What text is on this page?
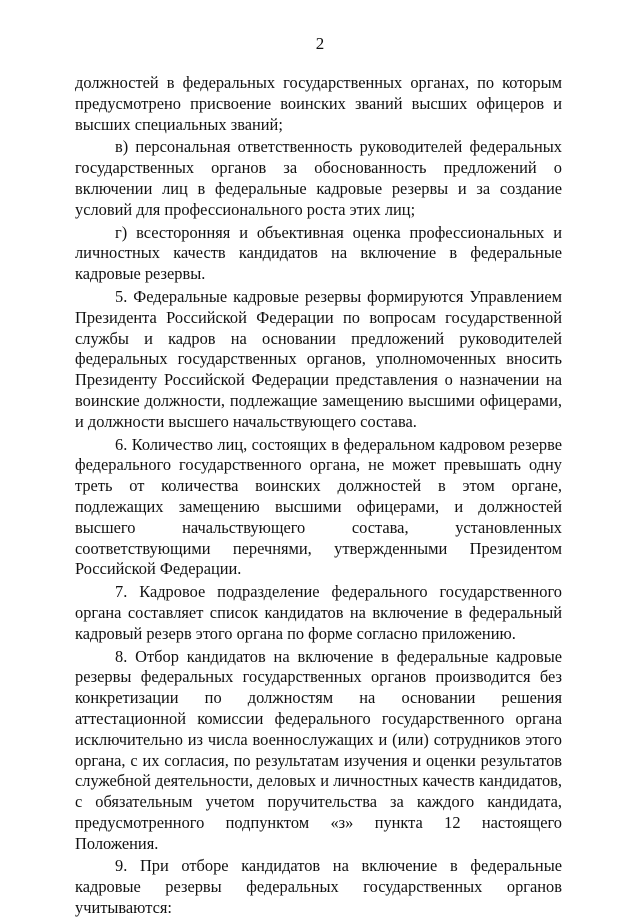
2

должностей в федеральных государственных органах, по которым предусмотрено присвоение воинских званий высших офицеров и высших специальных званий;

в) персональная ответственность руководителей федеральных государственных органов за обоснованность предложений о включении лиц в федеральные кадровые резервы и за создание условий для профессионального роста этих лиц;

г) всесторонняя и объективная оценка профессиональных и личностных качеств кандидатов на включение в федеральные кадровые резервы.

5. Федеральные кадровые резервы формируются Управлением Президента Российской Федерации по вопросам государственной службы и кадров на основании предложений руководителей федеральных государственных органов, уполномоченных вносить Президенту Российской Федерации представления о назначении на воинские должности, подлежащие замещению высшими офицерами, и должности высшего начальствующего состава.

6. Количество лиц, состоящих в федеральном кадровом резерве федерального государственного органа, не может превышать одну треть от количества воинских должностей в этом органе, подлежащих замещению высшими офицерами, и должностей высшего начальствующего состава, установленных соответствующими перечнями, утвержденными Президентом Российской Федерации.

7. Кадровое подразделение федерального государственного органа составляет список кандидатов на включение в федеральный кадровый резерв этого органа по форме согласно приложению.

8. Отбор кандидатов на включение в федеральные кадровые резервы федеральных государственных органов производится без конкретизации по должностям на основании решения аттестационной комиссии федерального государственного органа исключительно из числа военнослужащих и (или) сотрудников этого органа, с их согласия, по результатам изучения и оценки результатов служебной деятельности, деловых и личностных качеств кандидатов, с обязательным учетом поручительства за каждого кандидата, предусмотренного подпунктом «з» пункта 12 настоящего Положения.

9. При отборе кандидатов на включение в федеральные кадровые резервы федеральных государственных органов учитываются:
